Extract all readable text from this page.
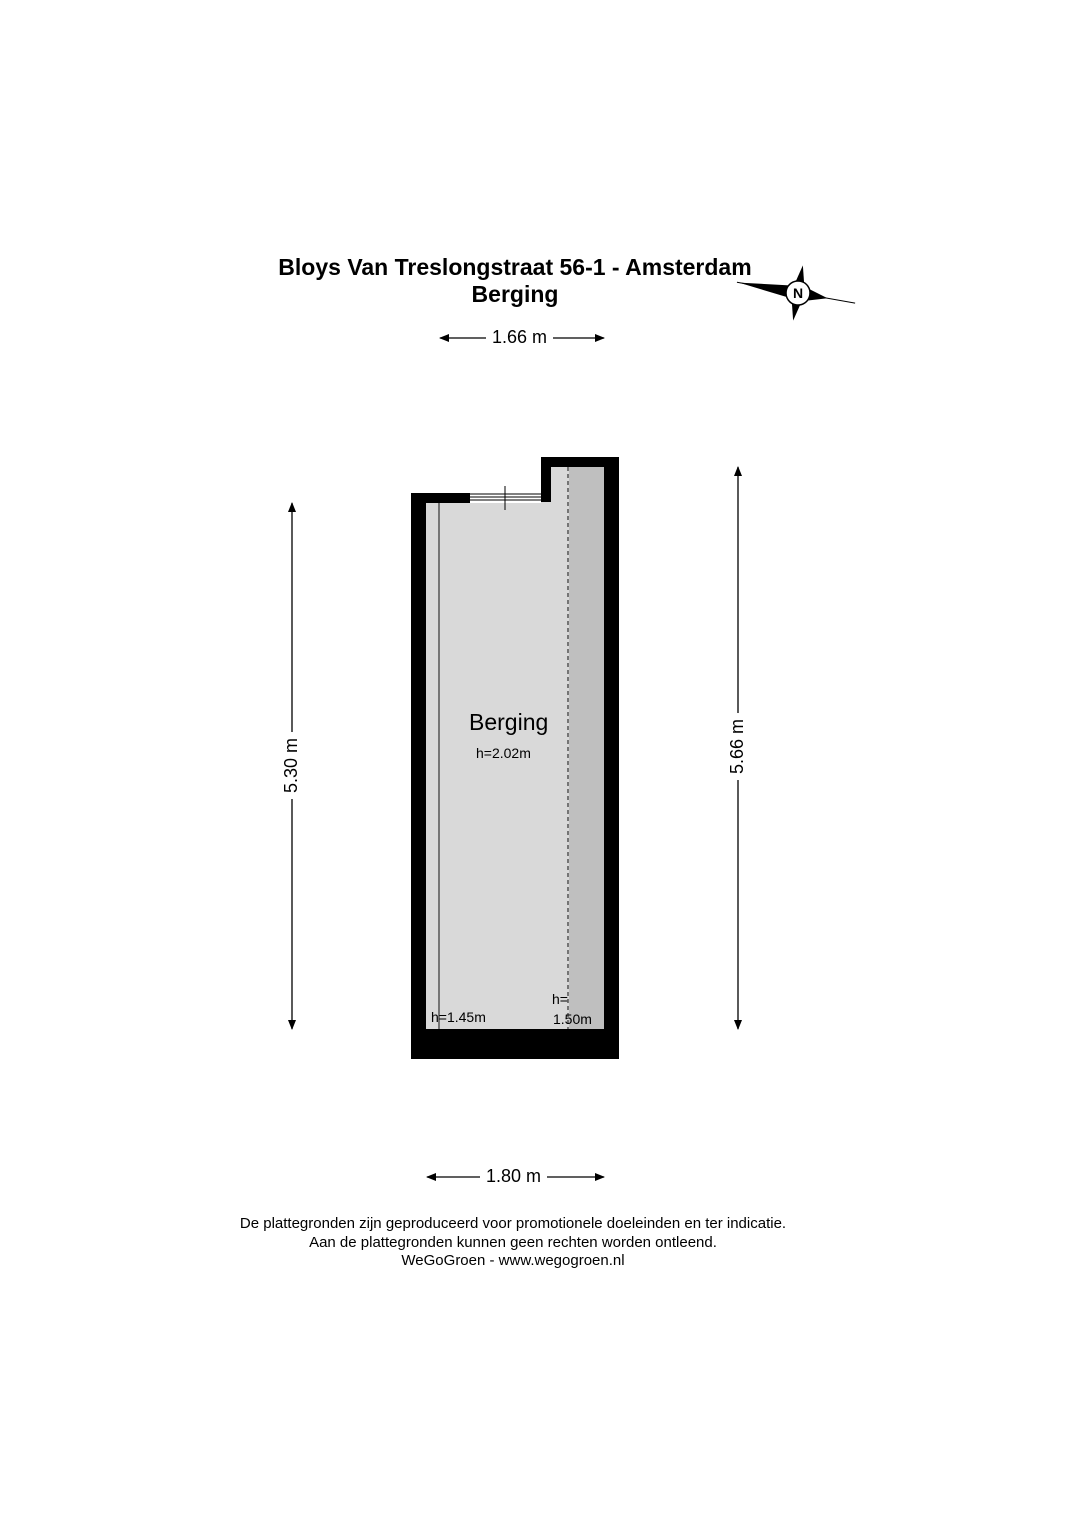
N
Bloys Van Treslongstraat 56-1 - Amsterdam
Berging
1.66 m
1.80 m
5.30 m	5.66 m
Berging
h=2.02m
h=1.45m
h=
1.50m
De plattegronden zijn geproduceerd voor promotionele doeleinden en ter indicatie.
Aan de plattegronden kunnen geen rechten worden ontleend.
WeGoGroen - www.wegogroen.nl
